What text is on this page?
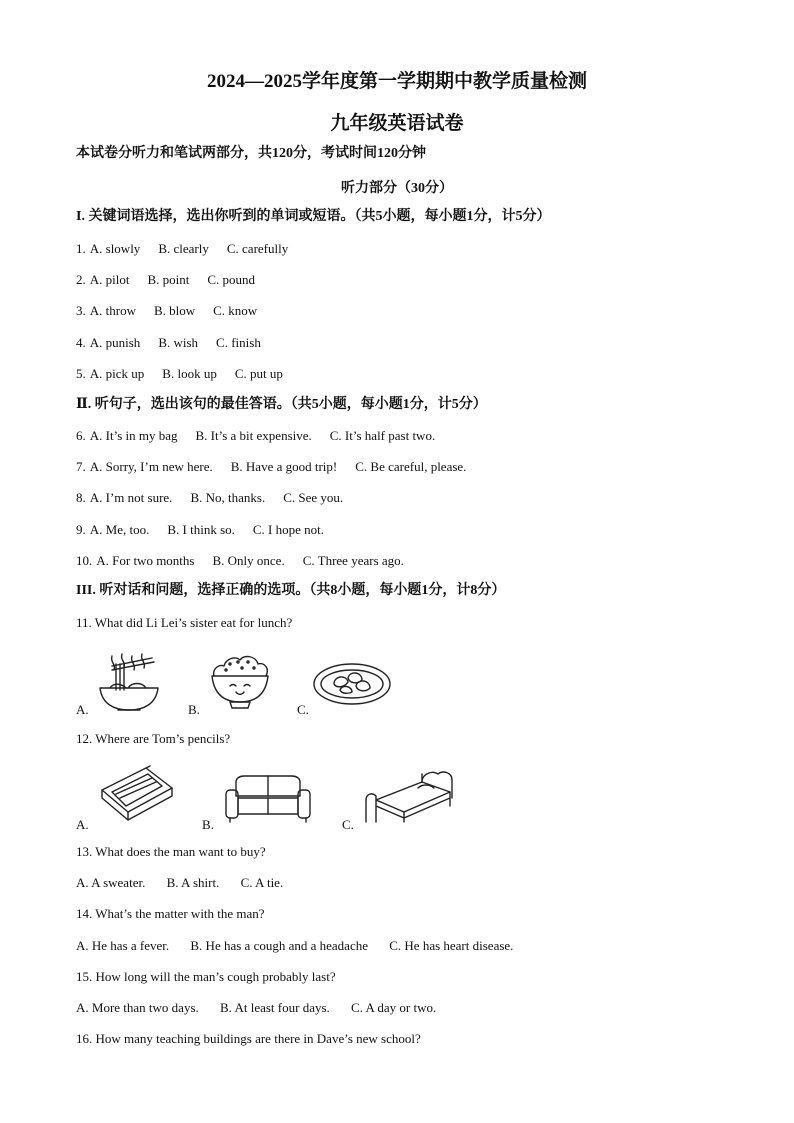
2024—2025学年度第一学期期中教学质量检测
九年级英语试卷
本试卷分听力和笔试两部分，共120分，考试时间120分钟
听力部分（30分）
I. 关键词语选择，选出你听到的单词或短语。（共5小题，每小题1分，计5分）
1. A. slowly B. clearly C. carefully
2. A. pilot B. point C. pound
3. A. throw B. blow C. know
4. A. punish B. wish C. finish
5. A. pick up B. look up C. put up
Ⅱ. 听句子，选出该句的最佳答语。（共5小题，每小题1分，计5分）
6. A. It’s in my bag B. It’s a bit expensive. C. It’s half past two.
7. A. Sorry, I’m new here. B. Have a good trip! C. Be careful, please.
8. A. I’m not sure. B. No, thanks. C. See you.
9. A. Me, too. B. I think so. C. I hope not.
10. A. For two months B. Only once. C. Three years ago.
III. 听对话和问题，选择正确的选项。（共8小题，每小题1分，计8分）
11. What did Li Lei’s sister eat for lunch?
A.	B.	C.
12. Where are Tom’s pencils?
A.	B.	C.
13. What does the man want to buy?
A. A sweater. B. A shirt. C. A tie.
14. What’s the matter with the man?
A. He has a fever. B. He has a cough and a headache C. He has heart disease.
15. How long will the man’s cough probably last?
A. More than two days. B. At least four days. C. A day or two.
16. How many teaching buildings are there in Dave’s new school?
